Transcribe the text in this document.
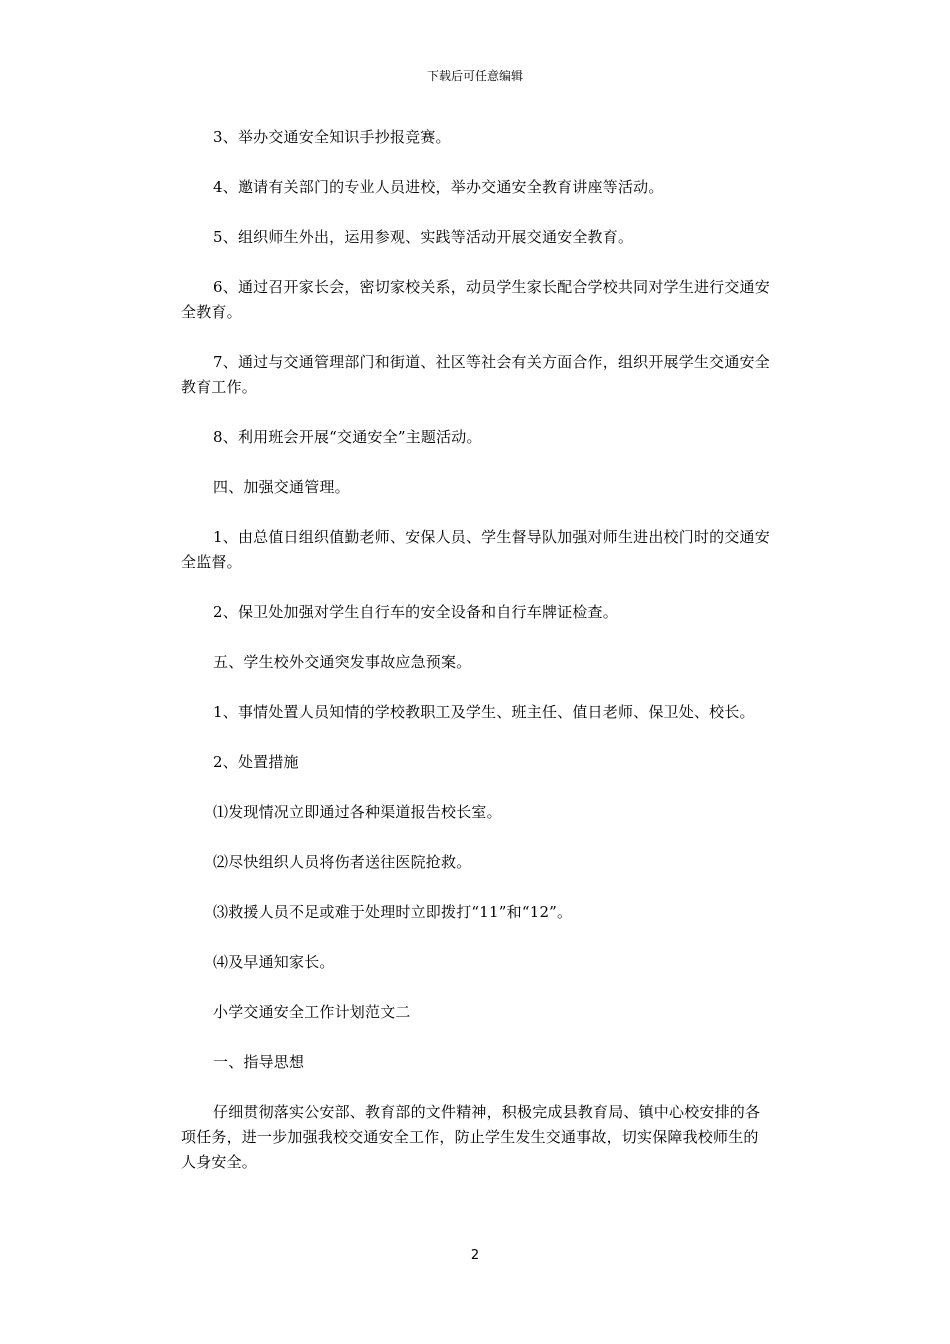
下载后可任意编辑

3、举办交通安全知识手抄报竞赛。

4、邀请有关部门的专业人员进校，举办交通安全教育讲座等活动。

5、组织师生外出，运用参观、实践等活动开展交通安全教育。

6、通过召开家长会，密切家校关系，动员学生家长配合学校共同对学生进行交通安全教育。

7、通过与交通管理部门和街道、社区等社会有关方面合作，组织开展学生交通安全教育工作。

8、利用班会开展“交通安全”主题活动。

四、加强交通管理。

1、由总值日组织值勤老师、安保人员、学生督导队加强对师生进出校门时的交通安全监督。

2、保卫处加强对学生自行车的安全设备和自行车牌证检查。

五、学生校外交通突发事故应急预案。

1、事情处置人员知情的学校教职工及学生、班主任、值日老师、保卫处、校长。

2、处置措施

⑴发现情况立即通过各种渠道报告校长室。

⑵尽快组织人员将伤者送往医院抢救。

⑶救援人员不足或难于处理时立即拨打“11”和“12”。

⑷及早通知家长。

小学交通安全工作计划范文二

一、指导思想

仔细贯彻落实公安部、教育部的文件精神，积极完成县教育局、镇中心校安排的各项任务，进一步加强我校交通安全工作，防止学生发生交通事故，切实保障我校师生的人身安全。

2
